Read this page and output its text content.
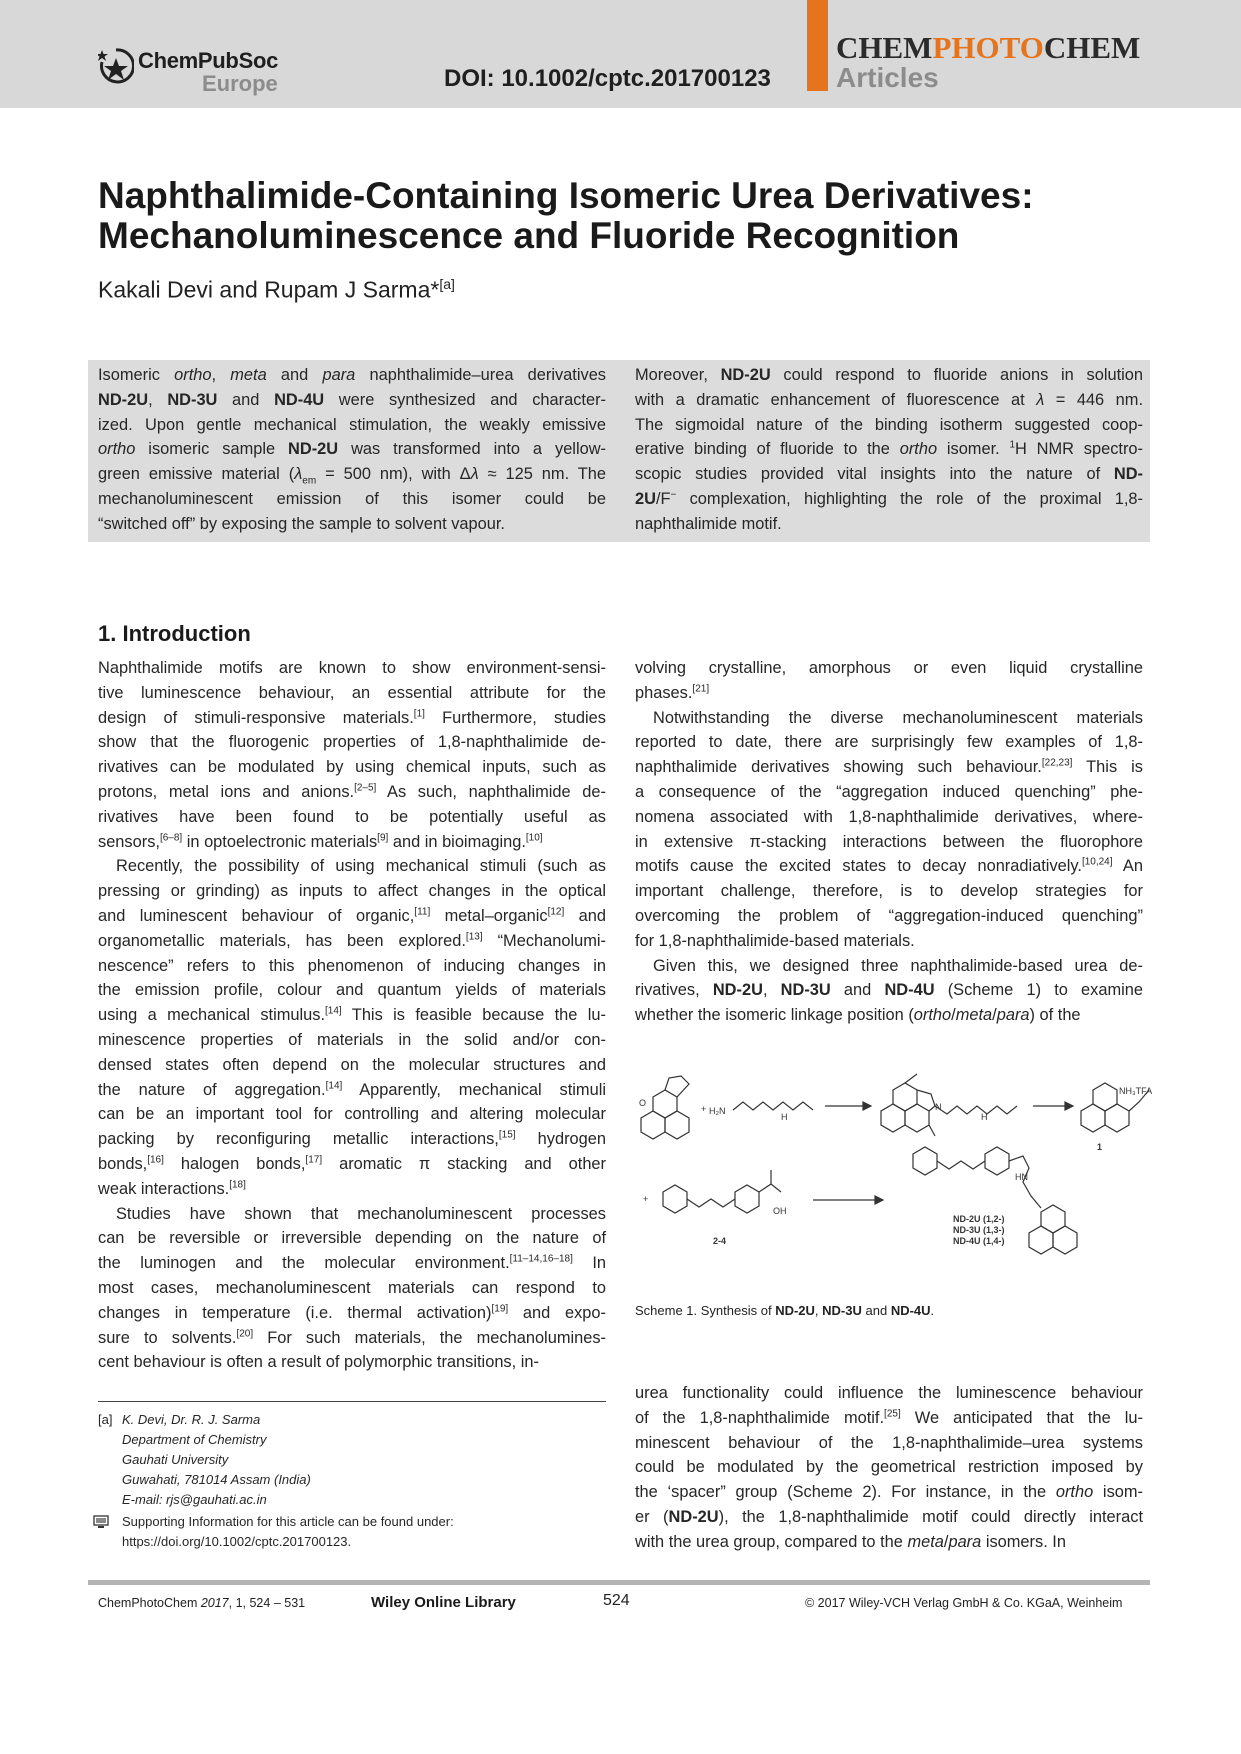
ChemPubSoc
Europe	DOI: 10.1002/cptc.201700123
CHEMPHOTOCHEM
Articles
Naphthalimide-Containing Isomeric Urea Derivatives:
Mechanoluminescence and Fluoride Recognition
Kakali Devi and Rupam J Sarma*[a]
Isomeric ortho, meta and para naphthalimide–urea derivatives
ND-2U, ND-3U and ND-4U were synthesized and character-
ized. Upon gentle mechanical stimulation, the weakly emissive
ortho isomeric sample ND-2U was transformed into a yellow-
green emissive material ($\lambda_{em} = 500$ nm), with Δλ ≈ 125 nm. The
mechanoluminescent emission of this isomer could be
“switched off” by exposing the sample to solvent vapour.
Moreover, ND-2U could respond to fluoride anions in solution
with a dramatic enhancement of fluorescence at λ = 446 nm.
The sigmoidal nature of the binding isotherm suggested coop-
erative binding of fluoride to the ortho isomer. $^1$H NMR spectro-
scopic studies provided vital insights into the nature of ND-
2U/F− complexation, highlighting the role of the proximal 1,8-
naphthalimide motif.
1. Introduction

Naphthalimide motifs are known to show environment-sensi-
tive luminescence behaviour, an essential attribute for the
design of stimuli-responsive materials.[1] Furthermore, studies
show that the fluorogenic properties of 1,8-naphthalimide de-
rivatives can be modulated by using chemical inputs, such as
protons, metal ions and anions.[2–5] As such, naphthalimide de-
rivatives have been found to be potentially useful as
sensors,[6–8] in optoelectronic materials[9] and in bioimaging.[10]

Recently, the possibility of using mechanical stimuli (such as
pressing or grinding) as inputs to affect changes in the optical
and luminescent behaviour of organic,[11] metal–organic[12] and
organometallic materials, has been explored.[13] “Mechanolumi-
nescence” refers to this phenomenon of inducing changes in
the emission profile, colour and quantum yields of materials
using a mechanical stimulus.[14] This is feasible because the lu-
minescence properties of materials in the solid and/or con-
densed states often depend on the molecular structures and
the nature of aggregation.[14] Apparently, mechanical stimuli
can be an important tool for controlling and altering molecular
packing by reconfiguring metallic interactions,[15] hydrogen
bonds,[16] halogen bonds,[17] aromatic π stacking and other
weak interactions.[18]

Studies have shown that mechanoluminescent processes
can be reversible or irreversible depending on the nature of
the luminogen and the molecular environment.[11–14,16–18] In
most cases, mechanoluminescent materials can respond to
changes in temperature (i.e. thermal activation)[19] and expo-
sure to solvents.[20] For such materials, the mechanolumines-
cent behaviour is often a result of polymorphic transitions, in-

volving crystalline, amorphous or even liquid crystalline
phases.[21]

Notwithstanding the diverse mechanoluminescent materials
reported to date, there are surprisingly few examples of 1,8-
naphthalimide derivatives showing such behaviour.[22,23] This is
a consequence of the “aggregation induced quenching” phe-
nomena associated with 1,8-naphthalimide derivatives, where-
in extensive π-stacking interactions between the fluorophore
motifs cause the excited states to decay nonradiatively.[10,24] An
important challenge, therefore, is to develop strategies for
overcoming the problem of “aggregation-induced quenching”
for 1,8-naphthalimide-based materials.

Given this, we designed three naphthalimide-based urea de-
rivatives, ND-2U, ND-3U and ND-4U (Scheme 1) to examine
whether the isomeric linkage position (ortho/meta/para) of the

O
+ H₂N
H	H
N
NH₃TFA
1
+
OH
2-4
HN
ND-2U (1,2-)
ND-3U (1,3-)
ND-4U (1,4-)
Scheme 1. Synthesis of ND-2U, ND-3U and ND-4U.

urea functionality could influence the luminescence behaviour
of the 1,8-naphthalimide motif.[25] We anticipated that the lu-
minescent behaviour of the 1,8-naphthalimide–urea systems
could be modulated by the geometrical restriction imposed by
the ‘spacer” group (Scheme 2). For instance, in the ortho isom-
er (ND-2U), the 1,8-naphthalimide motif could directly interact
with the urea group, compared to the meta/para isomers. In

[a] K. Devi, Dr. R. J. Sarma
Department of Chemistry
Gauhati University
Guwahati, 781014 Assam (India)
E-mail: rjs@gauhati.ac.in
Supporting Information for this article can be found under:
https://doi.org/10.1002/cptc.201700123.
ChemPhotoChem 2017, 1, 524 – 531	Wiley Online Library	524	© 2017 Wiley-VCH Verlag GmbH & Co. KGaA, Weinheim
